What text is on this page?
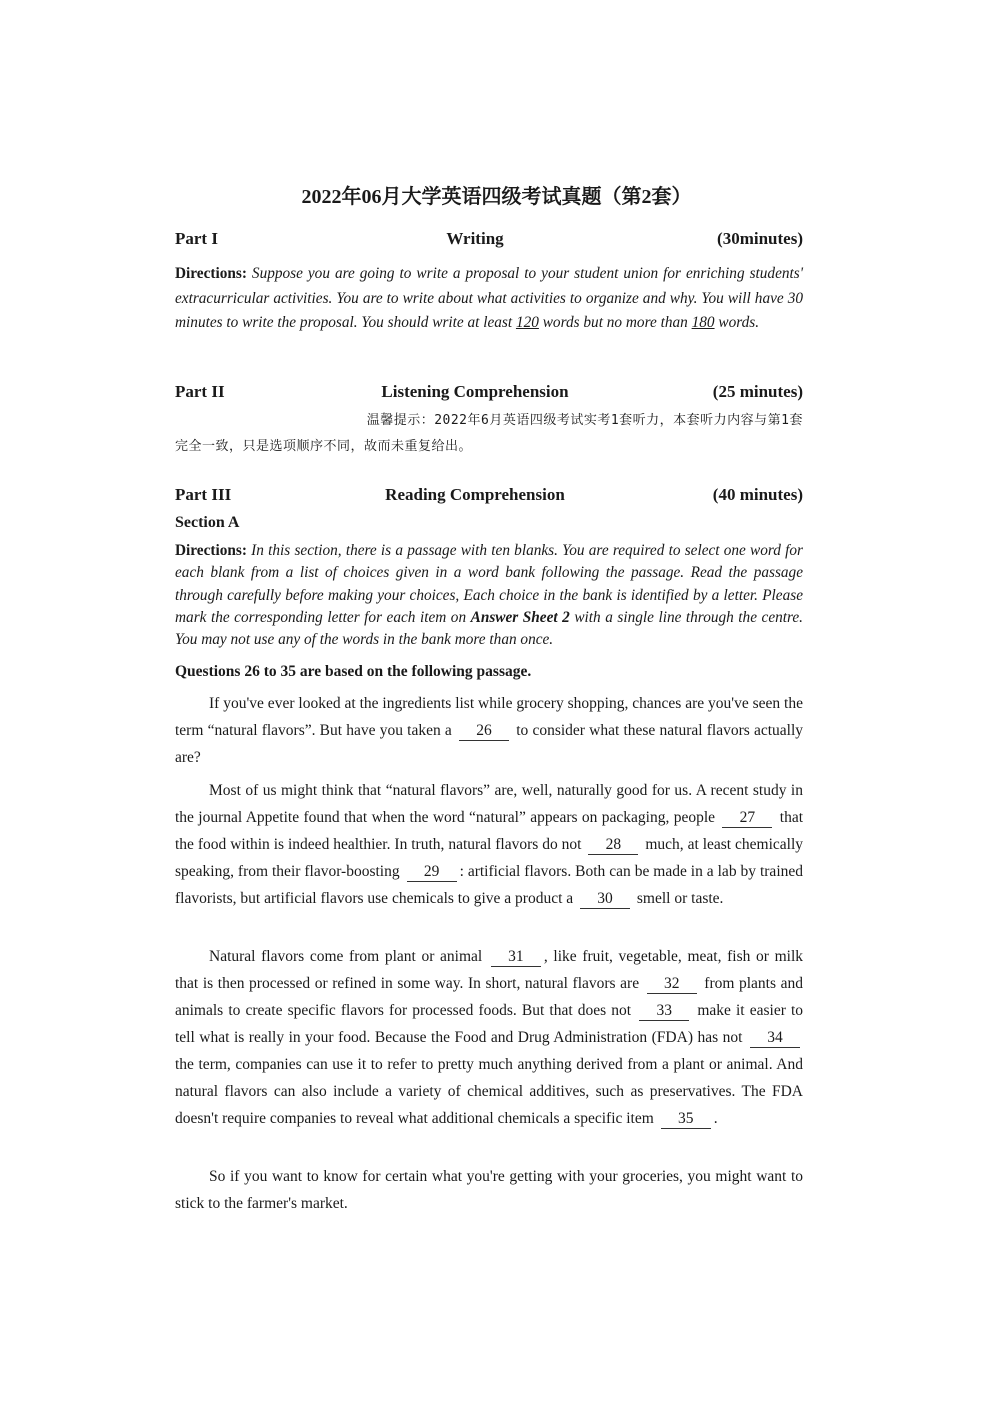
2022年06月大学英语四级考试真题（第2套）
Part I	Writing	(30minutes)
Directions: Suppose you are going to write a proposal to your student union for enriching students' extracurricular activities. You are to write about what activities to organize and why. You will have 30 minutes to write the proposal. You should write at least 120 words but no more than 180 words.
Part II	Listening Comprehension	(25 minutes)
温馨提示：2022年6月英语四级考试实考1套听力，本套听力内容与第1套
完全一致，只是选项顺序不同，故而未重复给出。
Part III	Reading Comprehension	(40 minutes)
Section A
Directions: In this section, there is a passage with ten blanks. You are required to select one word for each blank from a list of choices given in a word bank following the passage. Read the passage through carefully before making your choices, Each choice in the bank is identified by a letter. Please mark the corresponding letter for each item on Answer Sheet 2 with a single line through the centre. You may not use any of the words in the bank more than once.
Questions 26 to 35 are based on the following passage.
If you've ever looked at the ingredients list while grocery shopping, chances are you've seen the term “natural flavors”. But have you taken a 26 to consider what these natural flavors actually are?
Most of us might think that “natural flavors” are, well, naturally good for us. A recent study in the journal Appetite found that when the word “natural” appears on packaging, people 27 that the food within is indeed healthier. In truth, natural flavors do not 28 much, at least chemically speaking, from their flavor-boosting 29 : artificial flavors. Both can be made in a lab by trained flavorists, but artificial flavors use chemicals to give a product a 30 smell or taste.
Natural flavors come from plant or animal 31 , like fruit, vegetable, meat, fish or milk that is then processed or refined in some way. In short, natural flavors are 32 from plants and animals to create specific flavors for processed foods. But that does not 33 make it easier to tell what is really in your food. Because the Food and Drug Administration (FDA) has not 34 the term, companies can use it to refer to pretty much anything derived from a plant or animal. And natural flavors can also include a variety of chemical additives, such as preservatives. The FDA doesn't require companies to reveal what additional chemicals a specific item 35 .
So if you want to know for certain what you're getting with your groceries, you might want to stick to the farmer's market.
